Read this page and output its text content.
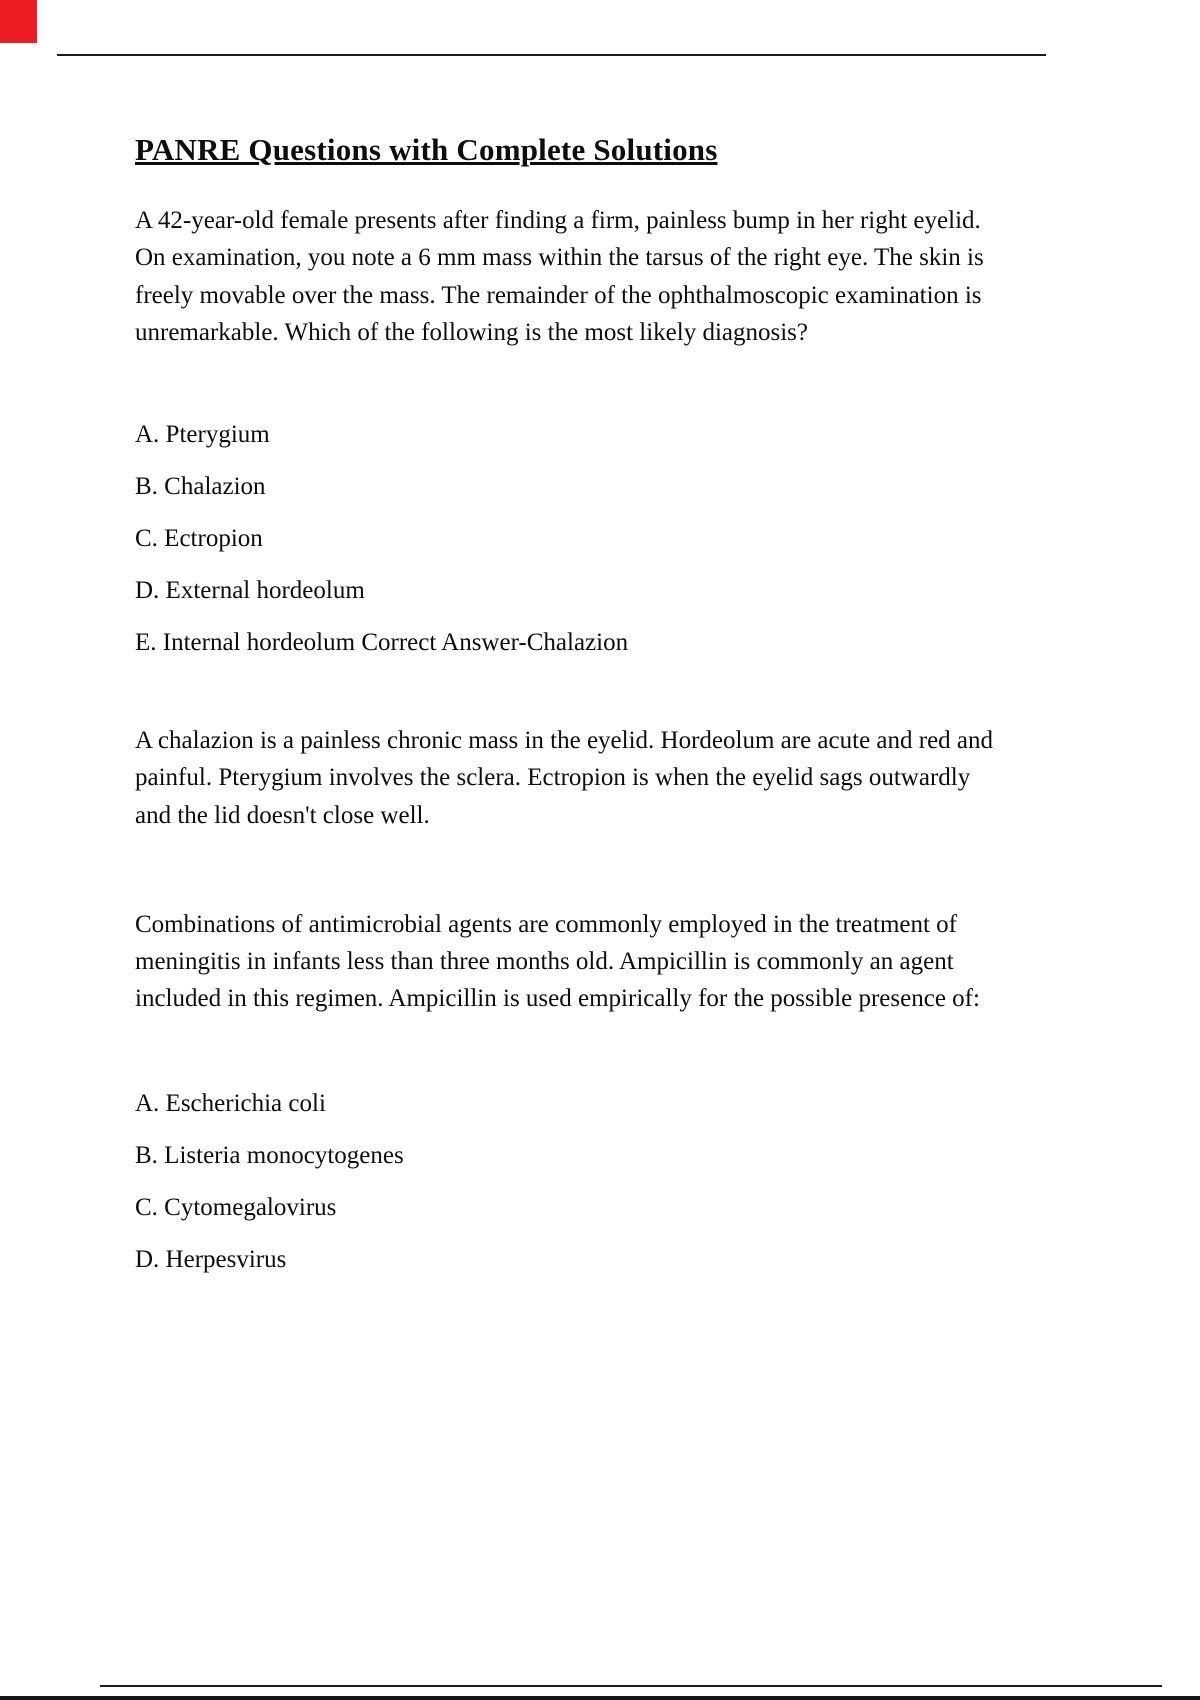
PANRE Questions with Complete Solutions

A 42-year-old female presents after finding a firm, painless bump in her right eyelid. On examination, you note a 6 mm mass within the tarsus of the right eye. The skin is freely movable over the mass. The remainder of the ophthalmoscopic examination is unremarkable. Which of the following is the most likely diagnosis?

A. Pterygium

B. Chalazion

C. Ectropion

D. External hordeolum

E. Internal hordeolum Correct Answer-Chalazion

A chalazion is a painless chronic mass in the eyelid. Hordeolum are acute and red and painful. Pterygium involves the sclera. Ectropion is when the eyelid sags outwardly and the lid doesn't close well.

Combinations of antimicrobial agents are commonly employed in the treatment of meningitis in infants less than three months old. Ampicillin is commonly an agent included in this regimen. Ampicillin is used empirically for the possible presence of:

A. Escherichia coli

B. Listeria monocytogenes

C. Cytomegalovirus

D. Herpesvirus
